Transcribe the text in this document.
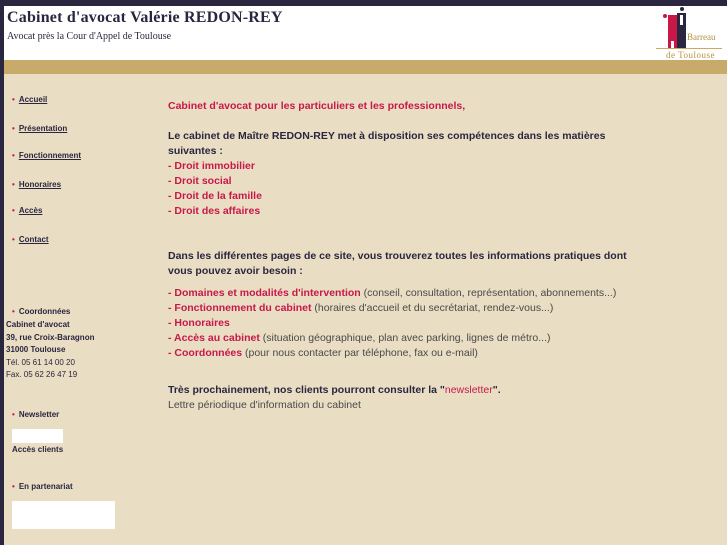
Cabinet d'avocat Valérie REDON-REY
Avocat près la Cour d'Appel de Toulouse	Barreau
de Toulouse
• Accueil
• Présentation
• Fonctionnement
• Honoraires
• Accès
• Contact
• Coordonnées
Cabinet d'avocat
39, rue Croix-Baragnon
31000 Toulouse
Tél. 05 61 14 00 20
Fax. 05 62 26 47 19
• Newsletter
Accès clients
• En partenariat

Cabinet d'avocat pour les particuliers et les professionnels,

Le cabinet de Maître REDON-REY met à disposition ses compétences dans les matières suivantes :

- Droit immobilier

- Droit social

- Droit de la famille

- Droit des affaires

Dans les différentes pages de ce site, vous trouverez toutes les informations pratiques dont vous pouvez avoir besoin :

- Domaines et modalités d'intervention (conseil, consultation, représentation, abonnements...)

- Fonctionnement du cabinet (horaires d'accueil et du secrétariat, rendez-vous...)

- Honoraires

- Accès au cabinet (situation géographique, plan avec parking, lignes de métro...)

- Coordonnées (pour nous contacter par téléphone, fax ou e-mail)

Très prochainement, nos clients pourront consulter la "newsletter".

Lettre périodique d'information du cabinet
